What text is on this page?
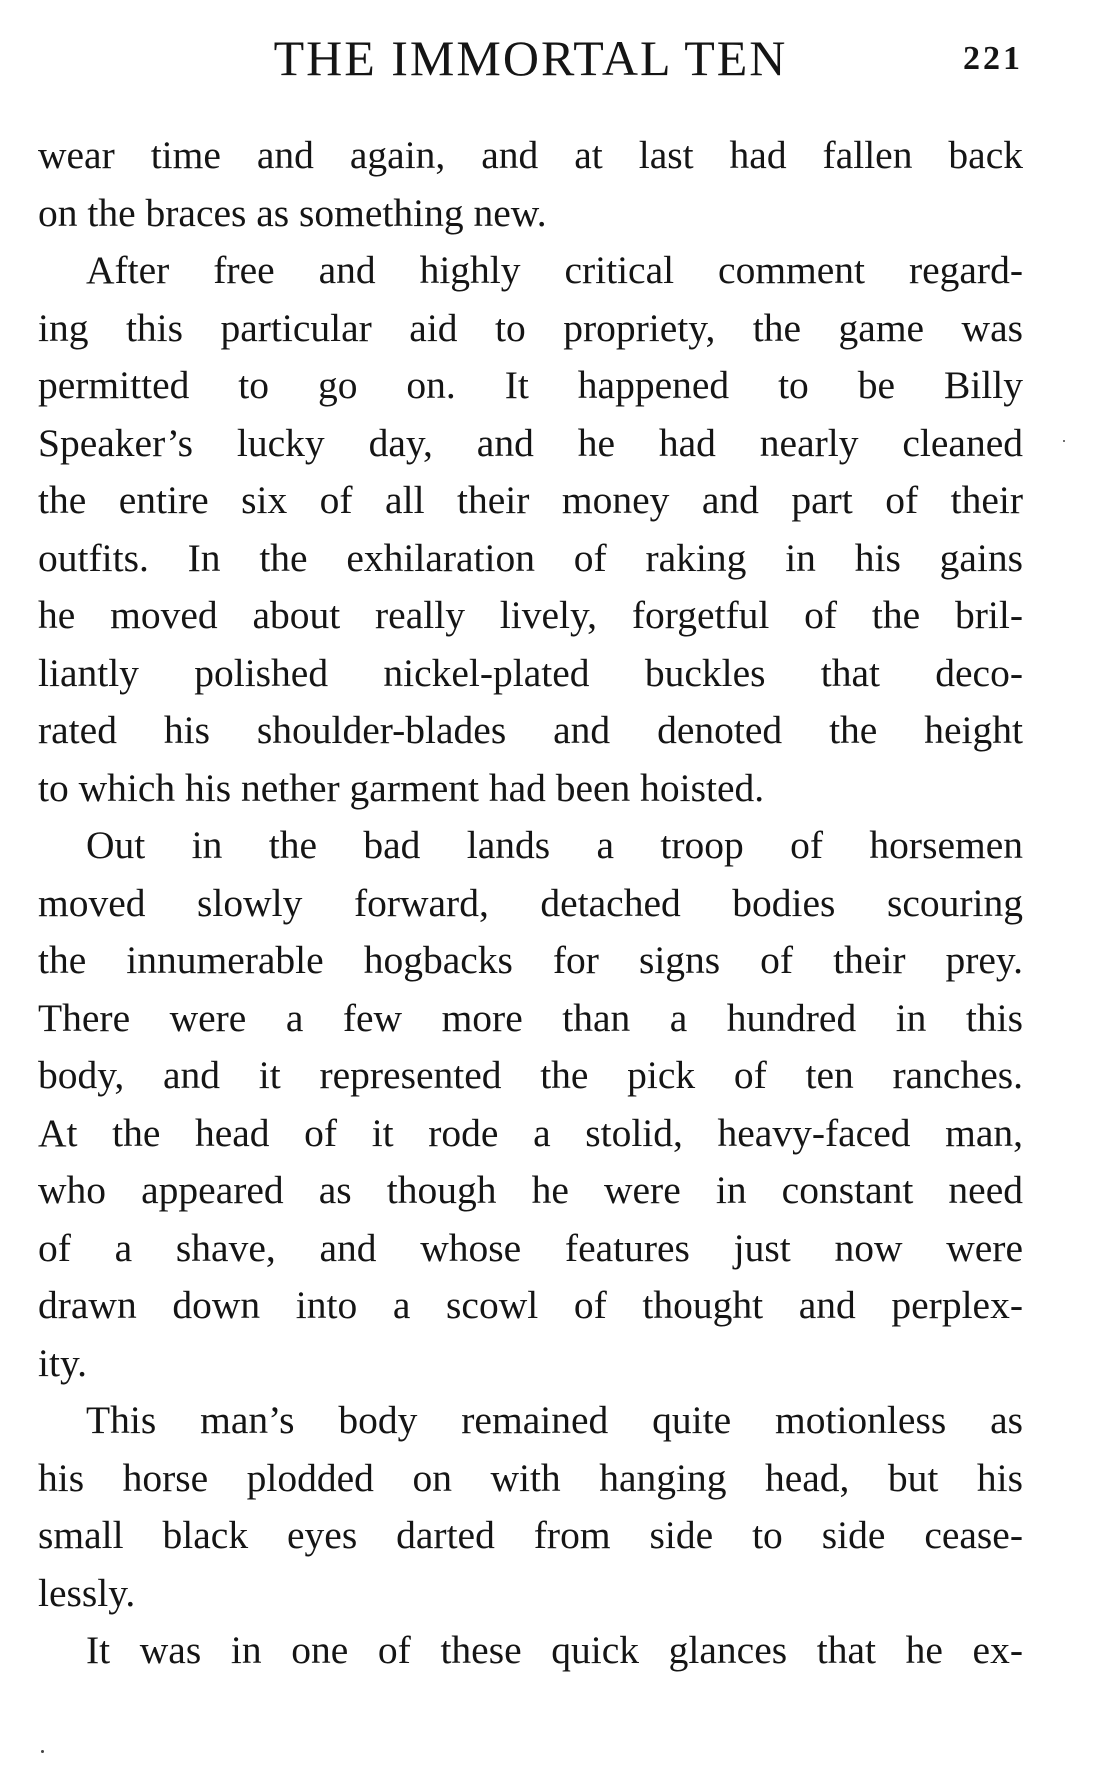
THE IMMORTAL TEN	221
wear time and again, and at last had fallen back
on the braces as something new.
After free and highly critical comment regard-
ing this particular aid to propriety, the game was
permitted to go on. It happened to be Billy
Speaker’s lucky day, and he had nearly cleaned
the entire six of all their money and part of their
outfits. In the exhilaration of raking in his gains
he moved about really lively, forgetful of the bril-
liantly polished nickel-plated buckles that deco-
rated his shoulder-blades and denoted the height
to which his nether garment had been hoisted.
Out in the bad lands a troop of horsemen
moved slowly forward, detached bodies scouring
the innumerable hogbacks for signs of their prey.
There were a few more than a hundred in this
body, and it represented the pick of ten ranches.
At the head of it rode a stolid, heavy-faced man,
who appeared as though he were in constant need
of a shave, and whose features just now were
drawn down into a scowl of thought and perplex-
ity.
This man’s body remained quite motionless as
his horse plodded on with hanging head, but his
small black eyes darted from side to side cease-
lessly.
It was in one of these quick glances that he ex-
